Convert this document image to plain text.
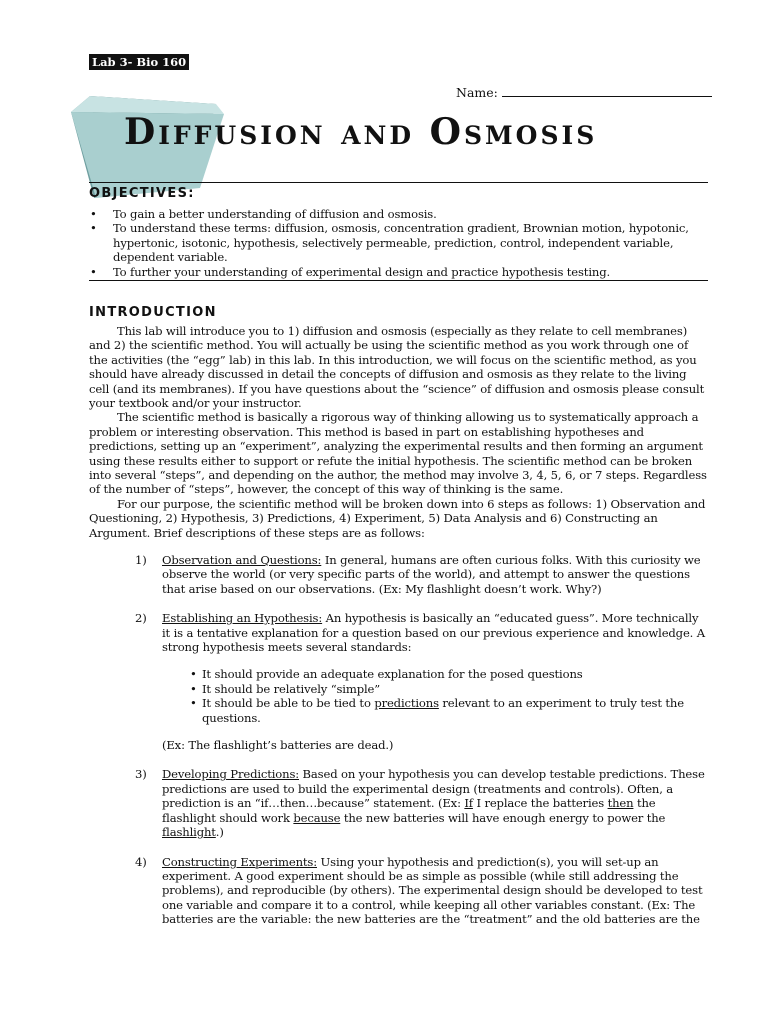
Lab 3- Bio 160
Name:
Diffusion and Osmosis
OBJECTIVES:
• To gain a better understanding of diffusion and osmosis.
• To understand these terms: diffusion, osmosis, concentration gradient, Brownian motion, hypotonic, hypertonic, isotonic, hypothesis, selectively permeable, prediction, control, independent variable, dependent variable.
• To further your understanding of experimental design and practice hypothesis testing.
INTRODUCTION

This lab will introduce you to 1) diffusion and osmosis (especially as they relate to cell membranes) and 2) the scientific method. You will actually be using the scientific method as you work through one of the activities (the “egg” lab) in this lab. In this introduction, we will focus on the scientific method, as you should have already discussed in detail the concepts of diffusion and osmosis as they relate to the living cell (and its membranes). If you have questions about the “science” of diffusion and osmosis please consult your textbook and/or your instructor.

The scientific method is basically a rigorous way of thinking allowing us to systematically approach a problem or interesting observation. This method is based in part on establishing hypotheses and predictions, setting up an “experiment”, analyzing the experimental results and then forming an argument using these results either to support or refute the initial hypothesis. The scientific method can be broken into several “steps”, and depending on the author, the method may involve 3, 4, 5, 6, or 7 steps. Regardless of the number of “steps”, however, the concept of this way of thinking is the same.

For our purpose, the scientific method will be broken down into 6 steps as follows: 1) Observation and Questioning, 2) Hypothesis, 3) Predictions, 4) Experiment, 5) Data Analysis and 6) Constructing an Argument. Brief descriptions of these steps are as follows:

1) Observation and Questions: In general, humans are often curious folks. With this curiosity we observe the world (or very specific parts of the world), and attempt to answer the questions that arise based on our observations. (Ex: My flashlight doesn’t work. Why?)
2) Establishing an Hypothesis: An hypothesis is basically an “educated guess”. More technically it is a tentative explanation for a question based on our previous experience and knowledge. A strong hypothesis meets several standards:
• It should provide an adequate explanation for the posed questions
• It should be relatively “simple”
• It should be able to be tied to predictions relevant to an experiment to truly test the questions.
(Ex: The flashlight’s batteries are dead.)
3) Developing Predictions: Based on your hypothesis you can develop testable predictions. These predictions are used to build the experimental design (treatments and controls). Often, a prediction is an “if…then…because” statement. (Ex: If I replace the batteries then the flashlight should work because the new batteries will have enough energy to power the flashlight.)
4) Constructing Experiments: Using your hypothesis and prediction(s), you will set-up an experiment. A good experiment should be as simple as possible (while still addressing the problems), and reproducible (by others). The experimental design should be developed to test one variable and compare it to a control, while keeping all other variables constant. (Ex: The batteries are the variable: the new batteries are the “treatment” and the old batteries are the
